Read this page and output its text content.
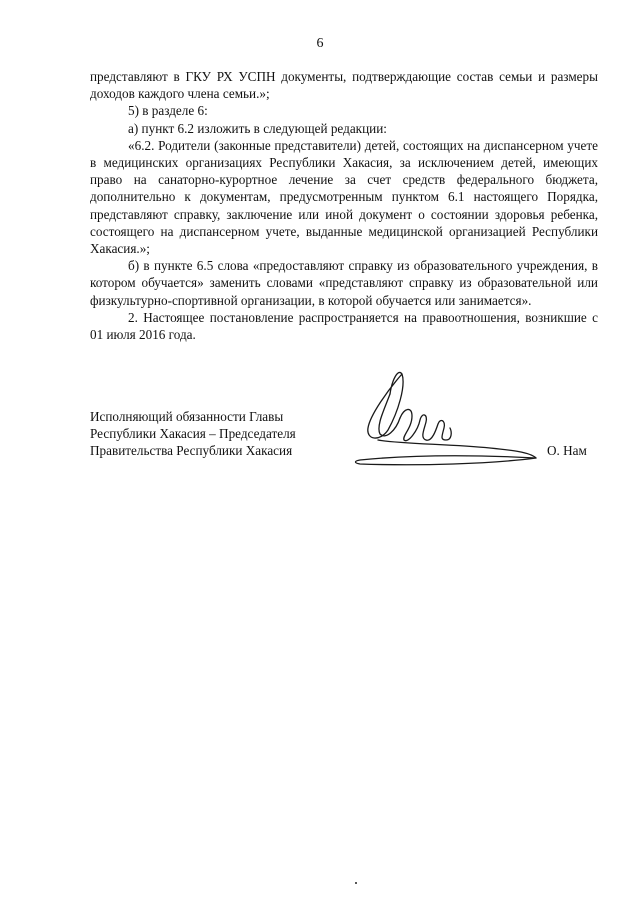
6

представляют в ГКУ РХ УСПН документы, подтверждающие состав семьи и размеры доходов каждого члена семьи.»;

5) в разделе 6:

а) пункт 6.2 изложить в следующей редакции:

«6.2. Родители (законные представители) детей, состоящих на диспансерном учете в медицинских организациях Республики Хакасия, за исключением детей, имеющих право на санаторно-курортное лечение за счет средств федерального бюджета, дополнительно к документам, предусмотренным пунктом 6.1 настоящего Порядка, представляют справку, заключение или иной документ о состоянии здоровья ребенка, состоящего на диспансерном учете, выданные медицинской организацией Республики Хакасия.»;

б) в пункте 6.5 слова «предоставляют справку из образовательного учреждения, в котором обучается» заменить словами «представляют справку из образовательной или физкультурно-спортивной организации, в которой обучается или занимается».

2. Настоящее постановление распространяется на правоотношения, возникшие с 01 июля 2016 года.

Исполняющий обязанности Главы
Республики Хакасия – Председателя
Правительства Республики Хакасия	О. Нам
